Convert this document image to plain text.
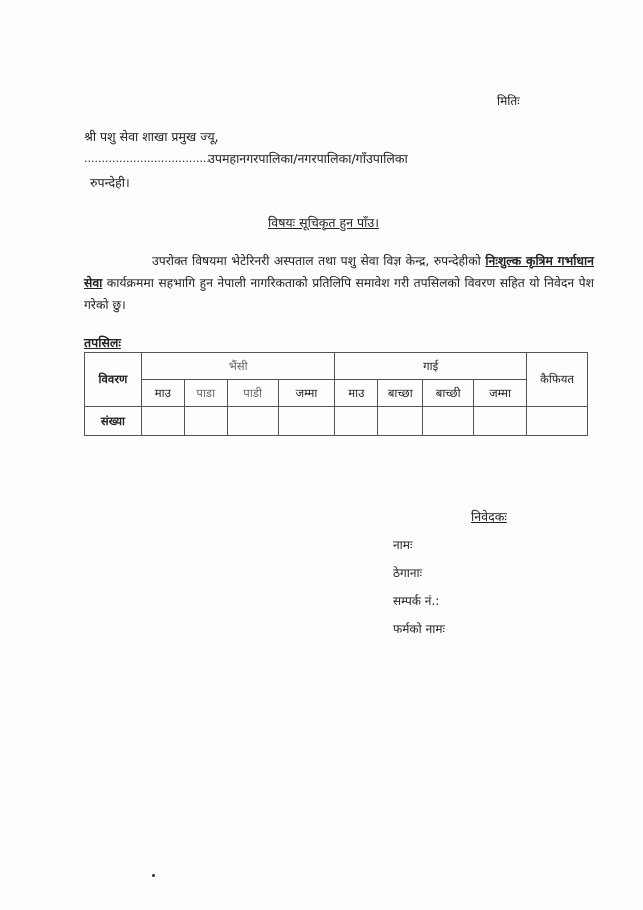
मितिः
श्री पशु सेवा शाखा प्रमुख ज्यू,
....................................
उपमहानगरपालिका/नगरपालिका/गाँउपालिका
रुपन्देही।
विषयः सूचिकृत हुन पाँउ।
उपरोक्त विषयमा भेटेरिनरी अस्पताल तथा पशु सेवा विज्ञ केन्द्र, रुपन्देहीको निःशुल्क कृत्रिम गर्भाधान सेवा कार्यक्रममा सहभागि हुन नेपाली नागरिकताको प्रतिलिपि समावेश गरी तपसिलको विवरण सहित यो निवेदन पेश गरेको छु।
तपसिलः
विवरण	भैंसी				गाई				कैफियत
	माउ	पाडा	पाडी	जम्मा	माउ	बाच्छा	बाच्छी	जम्मा	
संख्या									
निवेदकः
नामः
ठेगानाः
सम्पर्क नं.:
फर्मको नामः
